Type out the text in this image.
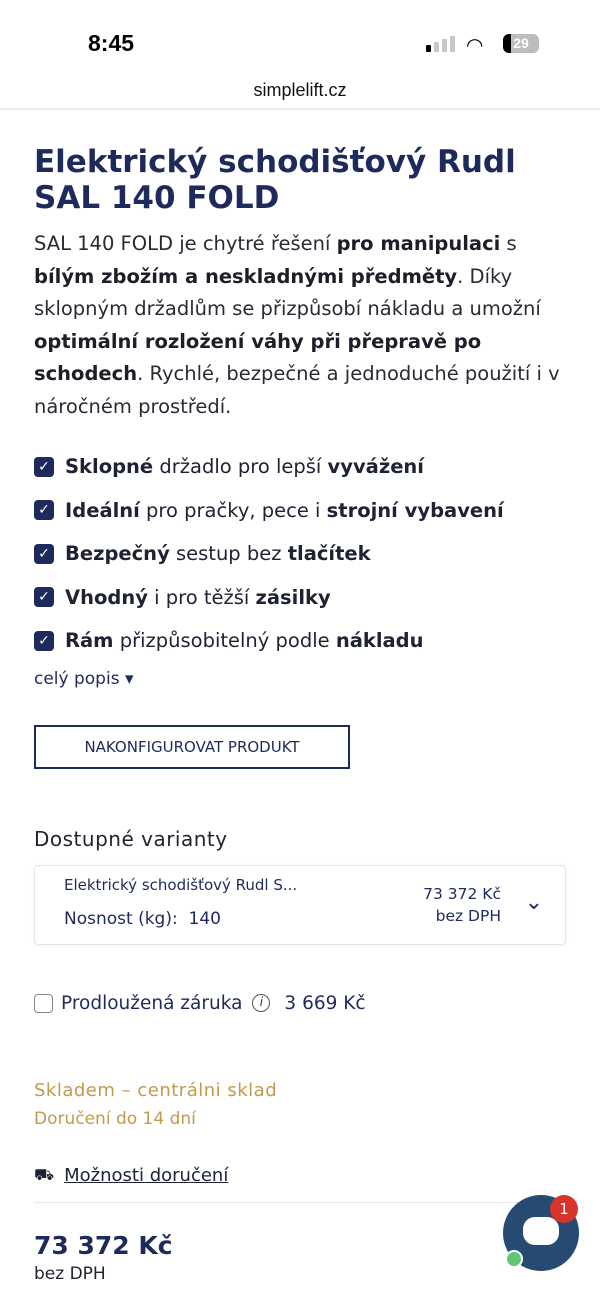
8:45	◠	29
simplelift.cz
Elektrický schodišťový Rudl SAL 140 FOLD

SAL 140 FOLD je chytré řešení pro manipulaci s bílým zbožím a neskladnými předměty. Díky sklopným držadlům se přizpůsobí nákladu a umožní optimální rozložení váhy při přepravě po schodech. Rychlé, bezpečné a jednoduché použití i v náročném prostředí.

✓ Sklopné držadlo pro lepší vyvážení
✓ Ideální pro pračky, pece i strojní vybavení
✓ Bezpečný sestup bez tlačítek
✓ Vhodný i pro těžší zásilky
✓ Rám přizpůsobitelný podle nákladu
celý popis ▾
NAKONFIGUROVAT PRODUKT
Dostupné varianty
Elektrický schodišťový Rudl S...
Nosnost (kg): 140
73 372 Kč
bez DPH
⌄
Prodloužená záruka	i	3 669 Kč
Skladem – centrálni sklad
Doručení do 14 dní
⛟ Možnosti doručení
73 372 Kč
bez DPH
1
